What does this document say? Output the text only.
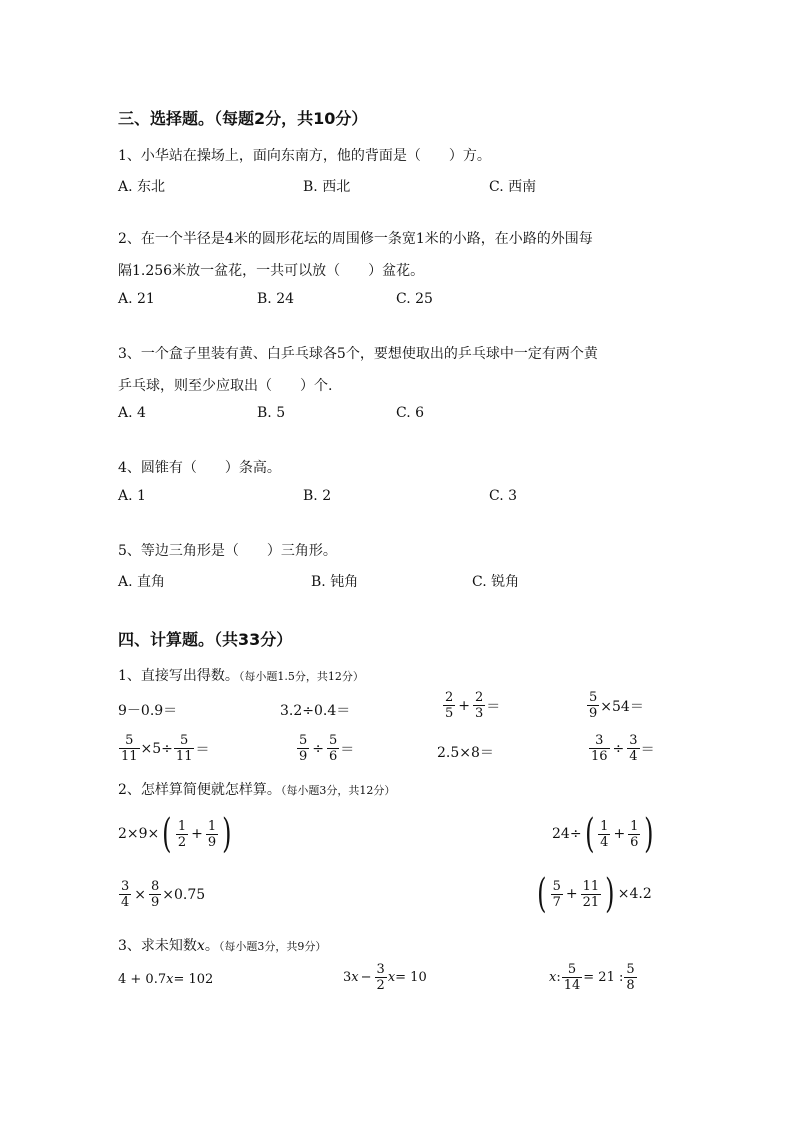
三、选择题。（每题2分，共10分）
1、小华站在操场上，面向东南方，他的背面是（　　）方。
A. 东北	B. 西北	C. 西南
2、在一个半径是4米的圆形花坛的周围修一条宽1米的小路，在小路的外围每
隔1.256米放一盆花，一共可以放（　　）盆花。
A. 21	B. 24	C. 25
3、一个盒子里装有黄、白乒乓球各5个，要想使取出的乒乓球中一定有两个黄
乒乓球，则至少应取出（　　）个.
A. 4	B. 5	C. 6
4、圆锥有（　　）条高。
A. 1	B. 2	C. 3
5、等边三角形是（　　）三角形。
A. 直角	B. 钝角	C. 锐角
四、计算题。（共33分）
1、直接写出得数。（每小题1.5分，共12分）
9－0.9＝	3.2÷0.4＝	$\frac{2}{5} + \frac{2}{3}$ ＝	$\frac{5}{9} \times 54=$
$\frac{5}{11} \times 5\div \frac{5}{11}$ ＝	$\frac{5}{9} \div \frac{5}{6}$ ＝	2.5×8＝	$\frac{3}{16} \div \frac{3}{4}$ ＝
2、怎样算简便就怎样算。（每小题3分，共12分）
2×9× ( $\frac{1}{2} + \frac{1}{9}$ )	24÷ ( $\frac{1}{4} + \frac{1}{6}$ )
$\frac{3}{4} \times \frac{8}{9} \times 0.75$	( $\frac{5}{7} + \frac{11}{21}$ ) ×4.2
3、求未知数x。（每小题3分，共9分）
4 + 0.7 x = 102	3 $x - \frac{3}{2}$ x = 10	x : $\frac{5}{14} = 21$ : $\frac{5}{8}$
